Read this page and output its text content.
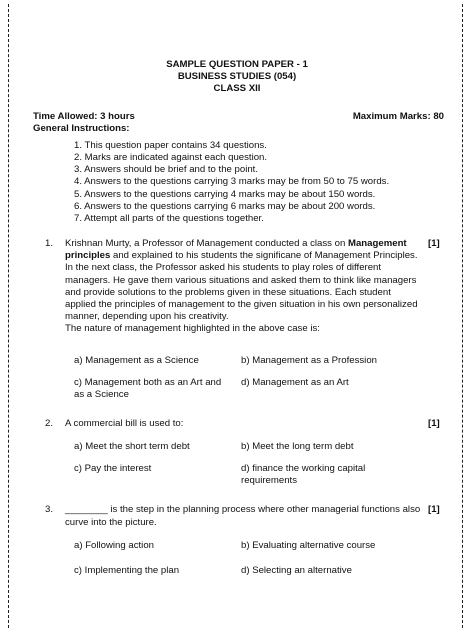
SAMPLE QUESTION PAPER - 1
BUSINESS STUDIES (054)
CLASS XII
Time Allowed: 3 hours	Maximum Marks: 80
General Instructions:
1. This question paper contains 34 questions.
2. Marks are indicated against each question.
3. Answers should be brief and to the point.
4. Answers to the questions carrying 3 marks may be from 50 to 75 words.
5. Answers to the questions carrying 4 marks may be about 150 words.
6. Answers to the questions carrying 6 marks may be about 200 words.
7. Attempt all parts of the questions together.
1.	[1]
Krishnan Murty, a Professor of Management conducted a class on Management principles and explained to his students the significane of Management Principles. In the next class, the Professor asked his students to play roles of different managers. He gave them various situations and asked them to think like managers and provide solutions to the problems given in these situations. Each student applied the principles of management to the given situation in his own personalized manner, depending upon his creativity.
The nature of management highlighted in the above case is:
a) Management as a Science	b) Management as a Profession
c) Management both as an Art and as a Science
d) Management as an Art
2.	[1]
A commercial bill is used to:
a) Meet the short term debt	b) Meet the long term debt
c) Pay the interest	d) finance the working capital requirements
3.	[1]
________ is the step in the planning process where other managerial functions also curve into the picture.
a) Following action	b) Evaluating alternative course
c) Implementing the plan	d) Selecting an alternative
